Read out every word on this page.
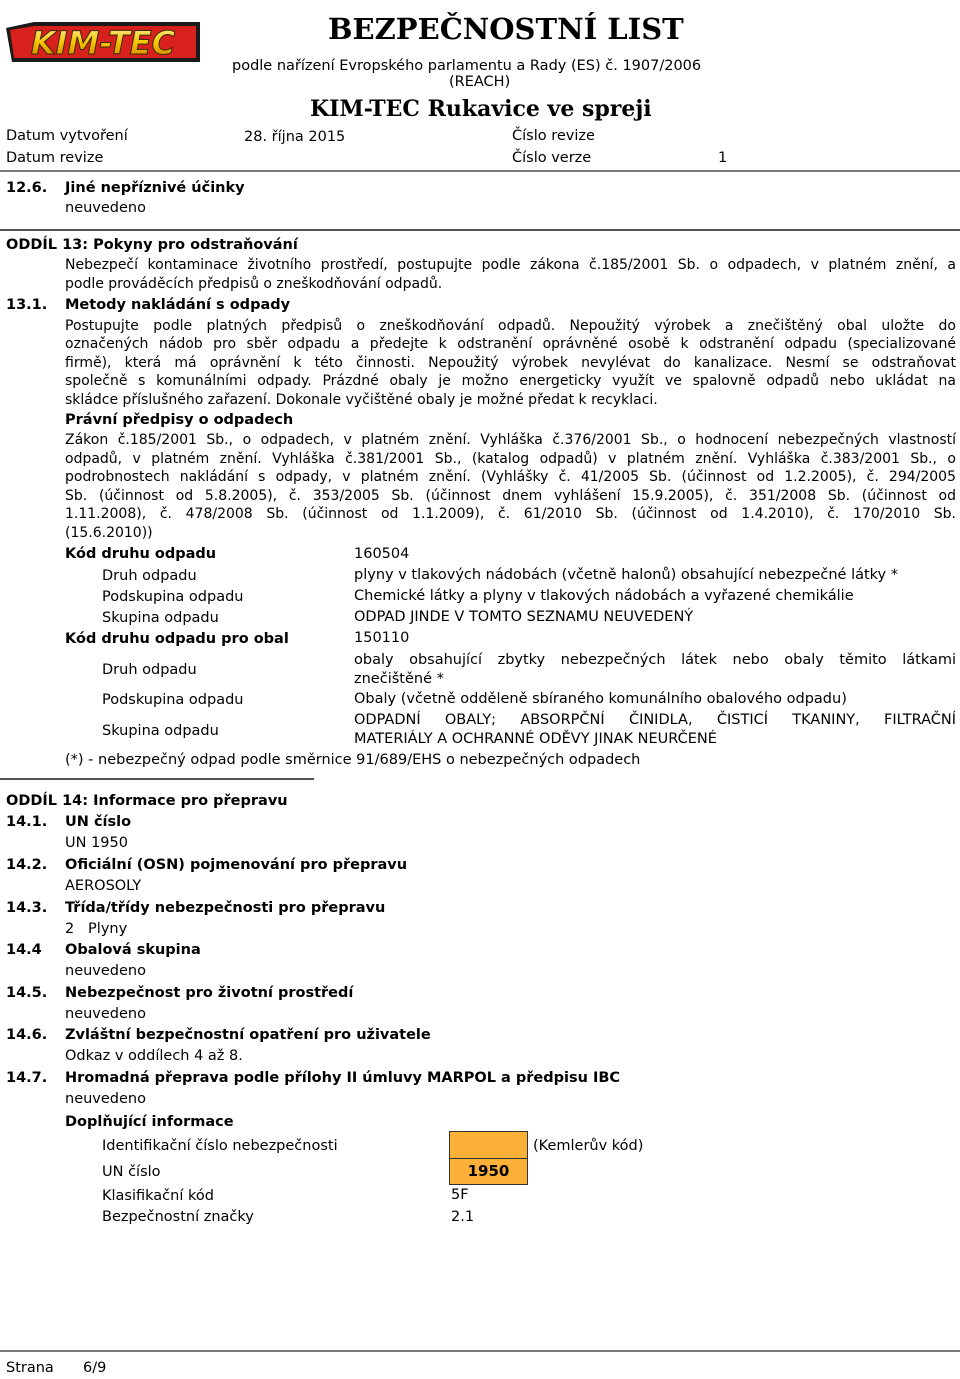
KIM-TEC	BEZPEČNOSTNÍ LIST
podle nařízení Evropského parlamentu a Rady (ES) č. 1907/2006
(REACH)
KIM-TEC Rukavice ve spreji
Datum vytvoření	28. října 2015	Číslo revize
Datum revize	Číslo verze	1
12.6. Jiné nepříznivé účinky
neuvedeno
ODDÍL 13: Pokyny pro odstraňování
Nebezpečí kontaminace životního prostředí, postupujte podle zákona č.185/2001 Sb. o odpadech, v platném znění, a
podle prováděcích předpisů o zneškodňování odpadů.
13.1. Metody nakládání s odpady
Postupujte podle platných předpisů o zneškodňování odpadů. Nepoužitý výrobek a znečištěný obal uložte do
označených nádob pro sběr odpadu a předejte k odstranění oprávněné osobě k odstranění odpadu (specializované
firmě), která má oprávnění k této činnosti. Nepoužitý výrobek nevylévat do kanalizace. Nesmí se odstraňovat
společně s komunálními odpady. Prázdné obaly je možno energeticky využít ve spalovně odpadů nebo ukládat na
skládce příslušného zařazení. Dokonale vyčištěné obaly je možné předat k recyklaci.
Právní předpisy o odpadech
Zákon č.185/2001 Sb., o odpadech, v platném znění. Vyhláška č.376/2001 Sb., o hodnocení nebezpečných vlastností
odpadů, v platném znění. Vyhláška č.381/2001 Sb., (katalog odpadů) v platném znění. Vyhláška č.383/2001 Sb., o
podrobnostech nakládání s odpady, v platném znění. (Vyhlášky č. 41/2005 Sb. (účinnost od 1.2.2005), č. 294/2005
Sb. (účinnost od 5.8.2005), č. 353/2005 Sb. (účinnost dnem vyhlášení 15.9.2005), č. 351/2008 Sb. (účinnost od
1.11.2008), č. 478/2008 Sb. (účinnost od 1.1.2009), č. 61/2010 Sb. (účinnost od 1.4.2010), č. 170/2010 Sb.
(15.6.2010))
Kód druhu odpadu	160504
Druh odpadu	plyny v tlakových nádobách (včetně halonů) obsahující nebezpečné látky *
Podskupina odpadu	Chemické látky a plyny v tlakových nádobách a vyřazené chemikálie
Skupina odpadu	ODPAD JINDE V TOMTO SEZNAMU NEUVEDENÝ
Kód druhu odpadu pro obal	150110
Druh odpadu
obaly obsahující zbytky nebezpečných látek nebo obaly těmito látkami
znečištěné *
Podskupina odpadu	Obaly (včetně odděleně sbíraného komunálního obalového odpadu)
Skupina odpadu
ODPADNÍ OBALY; ABSORPČNÍ ČINIDLA, ČISTICÍ TKANINY, FILTRAČNÍ
MATERIÁLY A OCHRANNÉ ODĚVY JINAK NEURČENÉ
(*) - nebezpečný odpad podle směrnice 91/689/EHS o nebezpečných odpadech
ODDÍL 14: Informace pro přepravu
14.1. UN číslo
UN 1950
14.2. Oficiální (OSN) pojmenování pro přepravu
AEROSOLY
14.3. Třída/třídy nebezpečnosti pro přepravu
2   Plyny
14.4 Obalová skupina
neuvedeno
14.5. Nebezpečnost pro životní prostředí
neuvedeno
14.6. Zvláštní bezpečnostní opatření pro uživatele
Odkaz v oddílech 4 až 8.
14.7. Hromadná přeprava podle přílohy II úmluvy MARPOL a předpisu IBC
neuvedeno
Doplňující informace
Identifikační číslo nebezpečnosti	(Kemlerův kód)
UN číslo	1950
Klasifikační kód	5F
Bezpečnostní značky	2.1
Strana 6/9
